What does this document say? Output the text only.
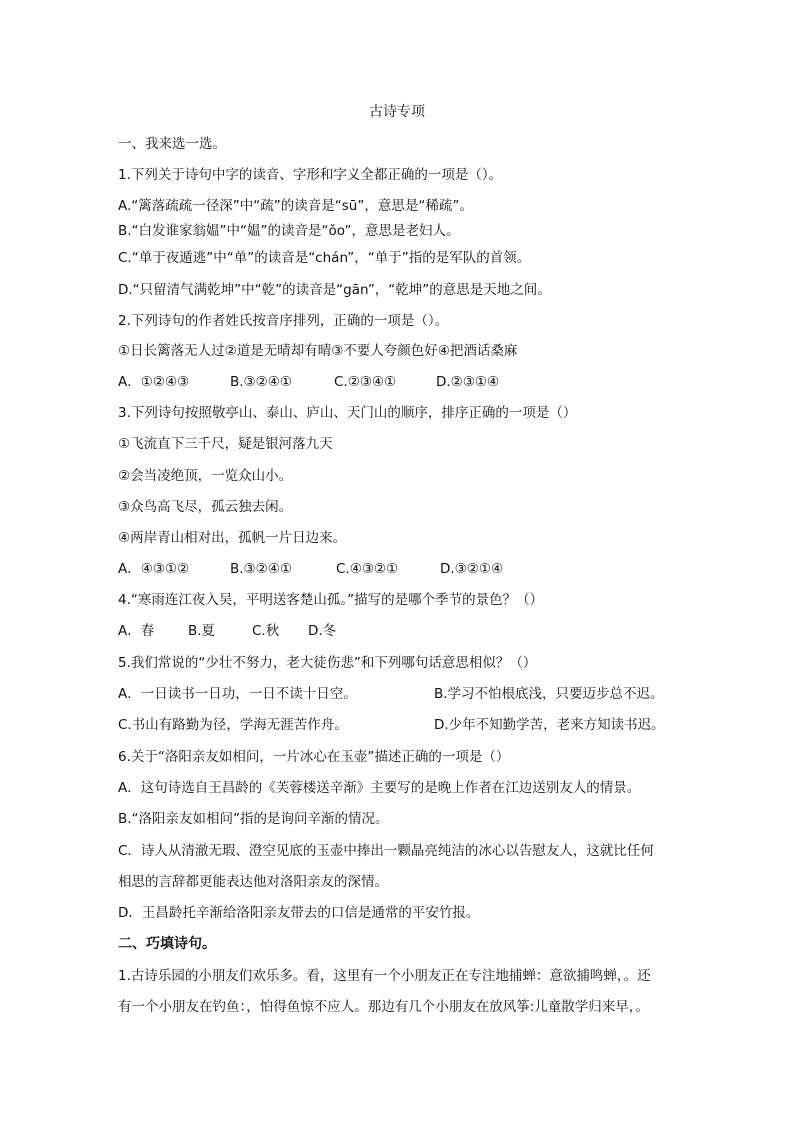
古诗专项
一、我来选一选。
1.下列关于诗句中字的读音、字形和字义全都正确的一项是（）。
A.“篱落疏疏一径深”中“疏”的读音是“sū”，意思是“稀疏”。
B.“白发谁家翁媪”中“媪”的读音是“ǒo”，意思是老妇人。
C.“单于夜遁逃”中“单”的读音是“chán”，“单于”指的是军队的首领。
D.“只留清气满乾坤”中“乾”的读音是“gān”，“乾坤”的意思是天地之间。
2.下列诗句的作者姓氏按音序排列，正确的一项是（）。
①日长篱落无人过②道是无晴却有晴③不要人夸颜色好④把酒话桑麻
A．①②④③	B.③②④①	C.②③④①	D.②③①④
3.下列诗句按照敬亭山、泰山、庐山、天门山的顺序，排序正确的一项是（）
①飞流直下三千尺，疑是银河落九天
②会当凌绝顶，一览众山小。
③众鸟高飞尽，孤云独去闲。
④两岸青山相对出，孤帆一片日边来。
A．④③①②	B.③②④①	C.④③②①	D.③②①④
4.“寒雨连江夜入吴，平明送客楚山孤。”描写的是哪个季节的景色？（）
A．春	B.夏	C.秋 D.冬
5.我们常说的“少壮不努力，老大徒伤悲”和下列哪句话意思相似？（）
A．一日读书一日功，一日不读十日空。	B.学习不怕根底浅，只要迈步总不迟。
C.书山有路勤为径，学海无涯苦作舟。	D.少年不知勤学苦，老来方知读书迟。
6.关于“洛阳亲友如相问，一片冰心在玉壶”描述正确的一项是（）
A．这句诗选自王昌龄的《芙蓉楼送辛渐》主要写的是晚上作者在江边送别友人的情景。
B.“洛阳亲友如相问”指的是询问辛渐的情况。
C．诗人从清澈无瑕、澄空见底的玉壶中捧出一颗晶亮纯洁的冰心以告慰友人，这就比任何
相思的言辞都更能表达他对洛阳亲友的深情。
D．王昌龄托辛渐给洛阳亲友带去的口信是通常的平安竹报。
二、巧填诗句。
1.古诗乐园的小朋友们欢乐多。看，这里有一个小朋友正在专注地捕蝉：意欲捕鸣蝉，。还
有一个小朋友在钓鱼：，怕得鱼惊不应人。那边有几个小朋友在放风筝:儿童散学归来早，。
